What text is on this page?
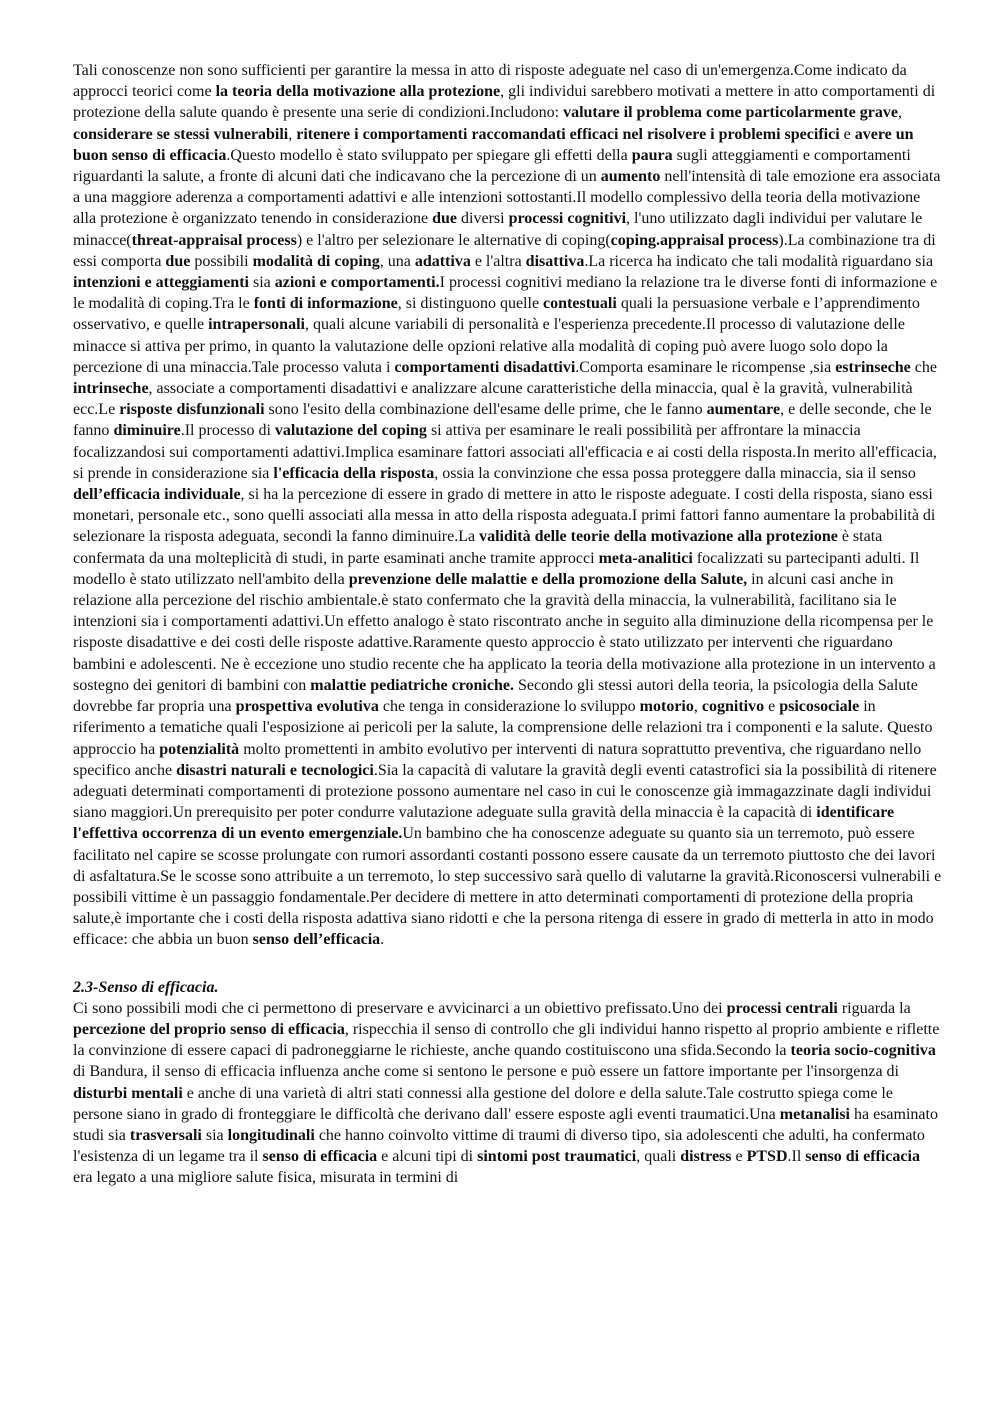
Tali conoscenze non sono sufficienti per garantire la messa in atto di risposte adeguate nel caso di un'emergenza.Come indicato da approcci teorici come la teoria della motivazione alla protezione, gli individui sarebbero motivati a mettere in atto comportamenti di protezione della salute quando è presente una serie di condizioni.Includono: valutare il problema come particolarmente grave, considerare se stessi vulnerabili, ritenere i comportamenti raccomandati efficaci nel risolvere i problemi specifici e avere un buon senso di efficacia.Questo modello è stato sviluppato per spiegare gli effetti della paura sugli atteggiamenti e comportamenti riguardanti la salute, a fronte di alcuni dati che indicavano che la percezione di un aumento nell'intensità di tale emozione era associata a una maggiore aderenza a comportamenti adattivi e alle intenzioni sottostanti.Il modello complessivo della teoria della motivazione alla protezione è organizzato tenendo in considerazione due diversi processi cognitivi, l'uno utilizzato dagli individui per valutare le minacce(threat-appraisal process) e l'altro per selezionare le alternative di coping(coping.appraisal process).La combinazione tra di essi comporta due possibili modalità di coping, una adattiva e l'altra disattiva.La ricerca ha indicato che tali modalità riguardano sia intenzioni e atteggiamenti sia azioni e comportamenti.I processi cognitivi mediano la relazione tra le diverse fonti di informazione e le modalità di coping.Tra le fonti di informazione, si distinguono quelle contestuali quali la persuasione verbale e l’apprendimento osservativo, e quelle intrapersonali, quali alcune variabili di personalità e l'esperienza precedente.Il processo di valutazione delle minacce si attiva per primo, in quanto la valutazione delle opzioni relative alla modalità di coping può avere luogo solo dopo la percezione di una minaccia.Tale processo valuta i comportamenti disadattivi.Comporta esaminare le ricompense ,sia estrinseche che intrinseche, associate a comportamenti disadattivi e analizzare alcune caratteristiche della minaccia, qual è la gravità, vulnerabilità ecc.Le risposte disfunzionali sono l'esito della combinazione dell'esame delle prime, che le fanno aumentare, e delle seconde, che le fanno diminuire.Il processo di valutazione del coping si attiva per esaminare le reali possibilità per affrontare la minaccia focalizzandosi sui comportamenti adattivi.Implica esaminare fattori associati all'efficacia e ai costi della risposta.In merito all'efficacia, si prende in considerazione sia l'efficacia della risposta, ossia la convinzione che essa possa proteggere dalla minaccia, sia il senso dell’efficacia individuale, si ha la percezione di essere in grado di mettere in atto le risposte adeguate. I costi della risposta, siano essi monetari, personale etc., sono quelli associati alla messa in atto della risposta adeguata.I primi fattori fanno aumentare la probabilità di selezionare la risposta adeguata, secondi la fanno diminuire.La validità delle teorie della motivazione alla protezione è stata confermata da una molteplicità di studi, in parte esaminati anche tramite approcci meta-analitici focalizzati su partecipanti adulti. Il modello è stato utilizzato nell'ambito della prevenzione delle malattie e della promozione della Salute, in alcuni casi anche in relazione alla percezione del rischio ambientale.è stato confermato che la gravità della minaccia, la vulnerabilità, facilitano sia le intenzioni sia i comportamenti adattivi.Un effetto analogo è stato riscontrato anche in seguito alla diminuzione della ricompensa per le risposte disadattive e dei costi delle risposte adattive.Raramente questo approccio è stato utilizzato per interventi che riguardano bambini e adolescenti. Ne è eccezione uno studio recente che ha applicato la teoria della motivazione alla protezione in un intervento a sostegno dei genitori di bambini con malattie pediatriche croniche. Secondo gli stessi autori della teoria, la psicologia della Salute dovrebbe far propria una prospettiva evolutiva che tenga in considerazione lo sviluppo motorio, cognitivo e psicosociale in riferimento a tematiche quali l'esposizione ai pericoli per la salute, la comprensione delle relazioni tra i componenti e la salute. Questo approccio ha potenzialità molto promettenti in ambito evolutivo per interventi di natura soprattutto preventiva, che riguardano nello specifico anche disastri naturali e tecnologici.Sia la capacità di valutare la gravità degli eventi catastrofici sia la possibilità di ritenere adeguati determinati comportamenti di protezione possono aumentare nel caso in cui le conoscenze già immagazzinate dagli individui siano maggiori.Un prerequisito per poter condurre valutazione adeguate sulla gravità della minaccia è la capacità di identificare l'effettiva occorrenza di un evento emergenziale.Un bambino che ha conoscenze adeguate su quanto sia un terremoto, può essere facilitato nel capire se scosse prolungate con rumori assordanti costanti possono essere causate da un terremoto piuttosto che dei lavori di asfaltatura.Se le scosse sono attribuite a un terremoto, lo step successivo sarà quello di valutarne la gravità.Riconoscersi vulnerabili e possibili vittime è un passaggio fondamentale.Per decidere di mettere in atto determinati comportamenti di protezione della propria salute,è importante che i costi della risposta adattiva siano ridotti e che la persona ritenga di essere in grado di metterla in atto in modo efficace: che abbia un buon senso dell’efficacia.

2.3-Senso di efficacia.

Ci sono possibili modi che ci permettono di preservare e avvicinarci a un obiettivo prefissato.Uno dei processi centrali riguarda la percezione del proprio senso di efficacia, rispecchia il senso di controllo che gli individui hanno rispetto al proprio ambiente e riflette la convinzione di essere capaci di padroneggiarne le richieste, anche quando costituiscono una sfida.Secondo la teoria socio-cognitiva di Bandura, il senso di efficacia influenza anche come si sentono le persone e può essere un fattore importante per l'insorgenza di disturbi mentali e anche di una varietà di altri stati connessi alla gestione del dolore e della salute.Tale costrutto spiega come le persone siano in grado di fronteggiare le difficoltà che derivano dall' essere esposte agli eventi traumatici.Una metanalisi ha esaminato studi sia trasversali sia longitudinali che hanno coinvolto vittime di traumi di diverso tipo, sia adolescenti che adulti, ha confermato l'esistenza di un legame tra il senso di efficacia e alcuni tipi di sintomi post traumatici, quali distress e PTSD.Il senso di efficacia era legato a una migliore salute fisica, misurata in termini di
